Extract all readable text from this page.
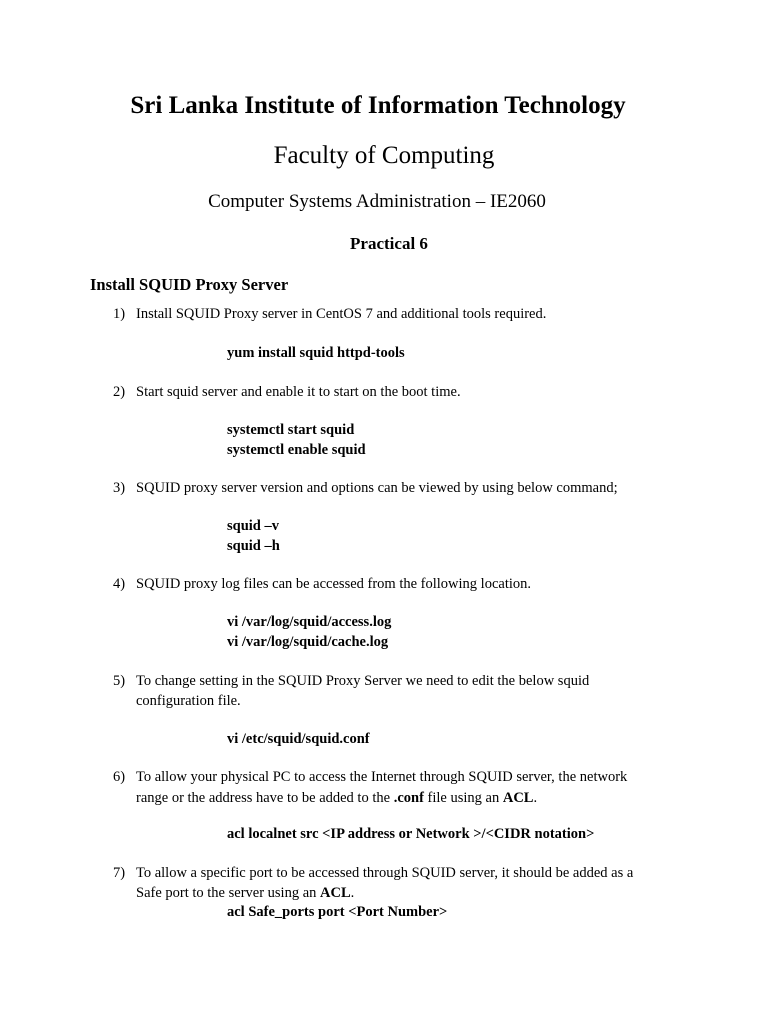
Sri Lanka Institute of Information Technology
Faculty of Computing
Computer Systems Administration – IE2060
Practical 6
Install SQUID Proxy Server
1) Install SQUID Proxy server in CentOS 7 and additional tools required.
yum install squid httpd-tools
2) Start squid server and enable it to start on the boot time.
systemctl start squid
systemctl enable squid
3) SQUID proxy server version and options can be viewed by using below command;
squid –v
squid –h
4) SQUID proxy log files can be accessed from the following location.
vi /var/log/squid/access.log
vi /var/log/squid/cache.log
5) To change setting in the SQUID Proxy Server we need to edit the below squid
configuration file.
vi /etc/squid/squid.conf
6) To allow your physical PC to access the Internet through SQUID server, the network
range or the address have to be added to the .conf file using an ACL.
acl localnet src <IP address or Network >/<CIDR notation>
7) To allow a specific port to be accessed through SQUID server, it should be added as a
Safe port to the server using an ACL.
acl Safe_ports port <Port Number>
